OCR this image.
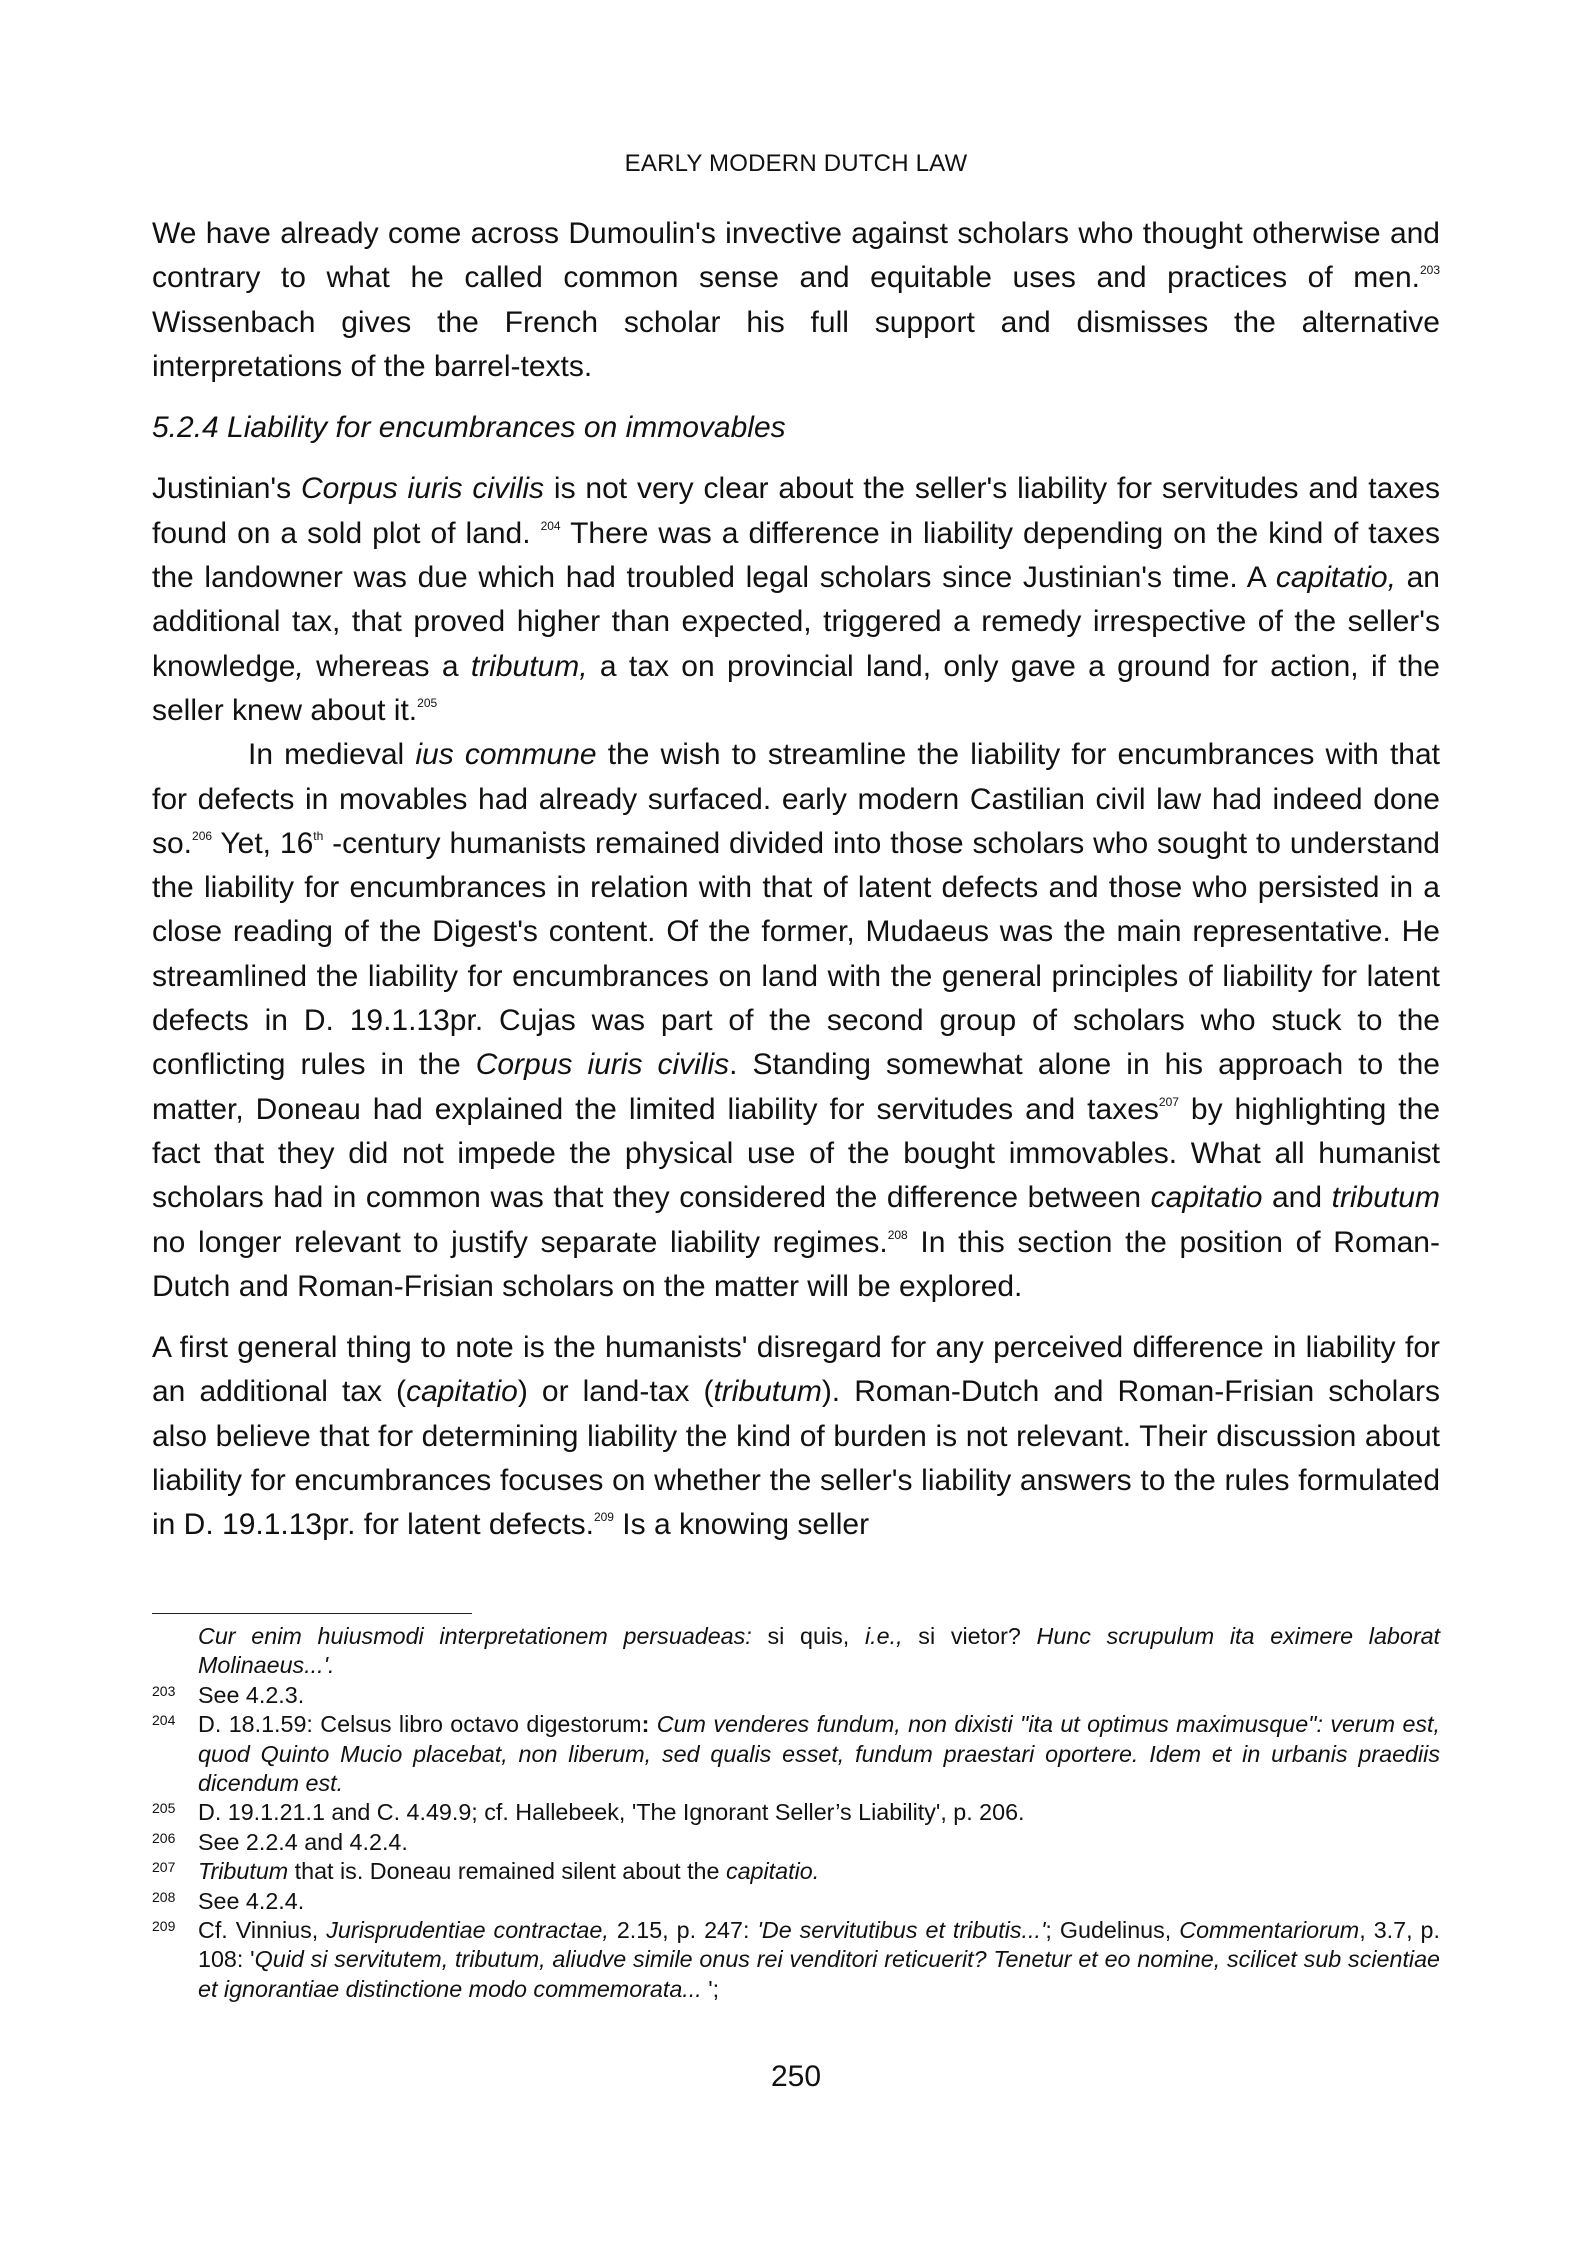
EARLY MODERN DUTCH LAW

We have already come across Dumoulin's invective against scholars who thought otherwise and contrary to what he called common sense and equitable uses and practices of men.$^{203}$ Wissenbach gives the French scholar his full support and dismisses the alternative interpretations of the barrel-texts.

5.2.4 Liability for encumbrances on immovables

Justinian's Corpus iuris civilis is not very clear about the seller's liability for servitudes and taxes found on a sold plot of land. $^{204}$ There was a difference in liability depending on the kind of taxes the landowner was due which had troubled legal scholars since Justinian's time. A capitatio, an additional tax, that proved higher than expected, triggered a remedy irrespective of the seller's knowledge, whereas a tributum, a tax on provincial land, only gave a ground for action, if the seller knew about it.$^{205}$

In medieval ius commune the wish to streamline the liability for encumbrances with that for defects in movables had already surfaced. early modern Castilian civil law had indeed done so.$^{206}$ Yet, 16th -century humanists remained divided into those scholars who sought to understand the liability for encumbrances in relation with that of latent defects and those who persisted in a close reading of the Digest's content. Of the former, Mudaeus was the main representative. He streamlined the liability for encumbrances on land with the general principles of liability for latent defects in D. 19.1.13pr. Cujas was part of the second group of scholars who stuck to the conflicting rules in the Corpus iuris civilis. Standing somewhat alone in his approach to the matter, Doneau had explained the limited liability for servitudes and taxes$^{207}$ by highlighting the fact that they did not impede the physical use of the bought immovables. What all humanist scholars had in common was that they considered the difference between capitatio and tributum no longer relevant to justify separate liability regimes.$^{208}$ In this section the position of Roman-Dutch and Roman-Frisian scholars on the matter will be explored.

A first general thing to note is the humanists' disregard for any perceived difference in liability for an additional tax (capitatio) or land-tax (tributum). Roman-Dutch and Roman-Frisian scholars also believe that for determining liability the kind of burden is not relevant. Their discussion about liability for encumbrances focuses on whether the seller's liability answers to the rules formulated in D. 19.1.13pr. for latent defects.$^{209}$ Is a knowing seller

Cur enim huiusmodi interpretationem persuadeas: si quis, i.e., si vietor? Hunc scrupulum ita eximere laborat Molinaeus...'.

203 See 4.2.3.

204 D. 18.1.59: Celsus libro octavo digestorum: Cum venderes fundum, non dixisti "ita ut optimus maximusque": verum est, quod Quinto Mucio placebat, non liberum, sed qualis esset, fundum praestari oportere. Idem et in urbanis praediis dicendum est.

205 D. 19.1.21.1 and C. 4.49.9; cf. Hallebeek, 'The Ignorant Seller’s Liability', p. 206.

206 See 2.2.4 and 4.2.4.

207 Tributum that is. Doneau remained silent about the capitatio.

208 See 4.2.4.

209 Cf. Vinnius, Jurisprudentiae contractae, 2.15, p. 247: 'De servitutibus et tributis...'; Gudelinus, Commentariorum, 3.7, p. 108: 'Quid si servitutem, tributum, aliudve simile onus rei venditori reticuerit? Tenetur et eo nomine, scilicet sub scientiae et ignorantiae distinctione modo commemorata... ';

250
